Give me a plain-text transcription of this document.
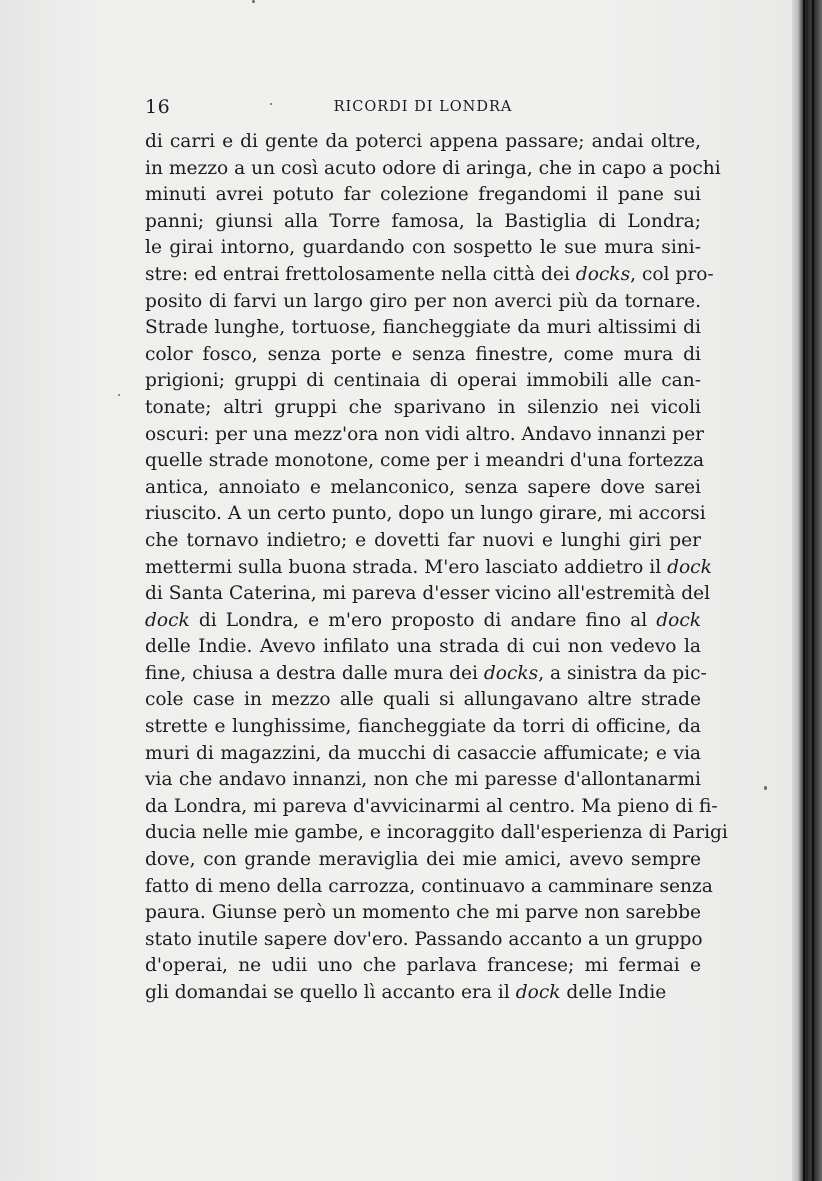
16	RICORDI DI LONDRA
di carri e di gente da poterci appena passare; andai oltre,
in mezzo a un così acuto odore di aringa, che in capo a pochi
minuti avrei potuto far colezione fregandomi il pane sui
panni; giunsi alla Torre famosa, la Bastiglia di Londra;
le girai intorno, guardando con sospetto le sue mura sini-
stre: ed entrai frettolosamente nella città dei docks, col pro-
posito di farvi un largo giro per non averci più da tornare.
Strade lunghe, tortuose, fiancheggiate da muri altissimi di
color fosco, senza porte e senza finestre, come mura di
prigioni; gruppi di centinaia di operai immobili alle can-
tonate; altri gruppi che sparivano in silenzio nei vicoli
oscuri: per una mezz'ora non vidi altro. Andavo innanzi per
quelle strade monotone, come per i meandri d'una fortezza
antica, annoiato e melanconico, senza sapere dove sarei
riuscito. A un certo punto, dopo un lungo girare, mi accorsi
che tornavo indietro; e dovetti far nuovi e lunghi giri per
mettermi sulla buona strada. M'ero lasciato addietro il dock
di Santa Caterina, mi pareva d'esser vicino all'estremità del
dock di Londra, e m'ero proposto di andare fino al dock
delle Indie. Avevo infilato una strada di cui non vedevo la
fine, chiusa a destra dalle mura dei docks, a sinistra da pic-
cole case in mezzo alle quali si allungavano altre strade
strette e lunghissime, fiancheggiate da torri di officine, da
muri di magazzini, da mucchi di casaccie affumicate; e via
via che andavo innanzi, non che mi paresse d'allontanarmi
da Londra, mi pareva d'avvicinarmi al centro. Ma pieno di fi-
ducia nelle mie gambe, e incoraggito dall'esperienza di Parigi
dove, con grande meraviglia dei mie amici, avevo sempre
fatto di meno della carrozza, continuavo a camminare senza
paura. Giunse però un momento che mi parve non sarebbe
stato inutile sapere dov'ero. Passando accanto a un gruppo
d'operai, ne udii uno che parlava francese; mi fermai e
gli domandai se quello lì accanto era il dock delle Indie
